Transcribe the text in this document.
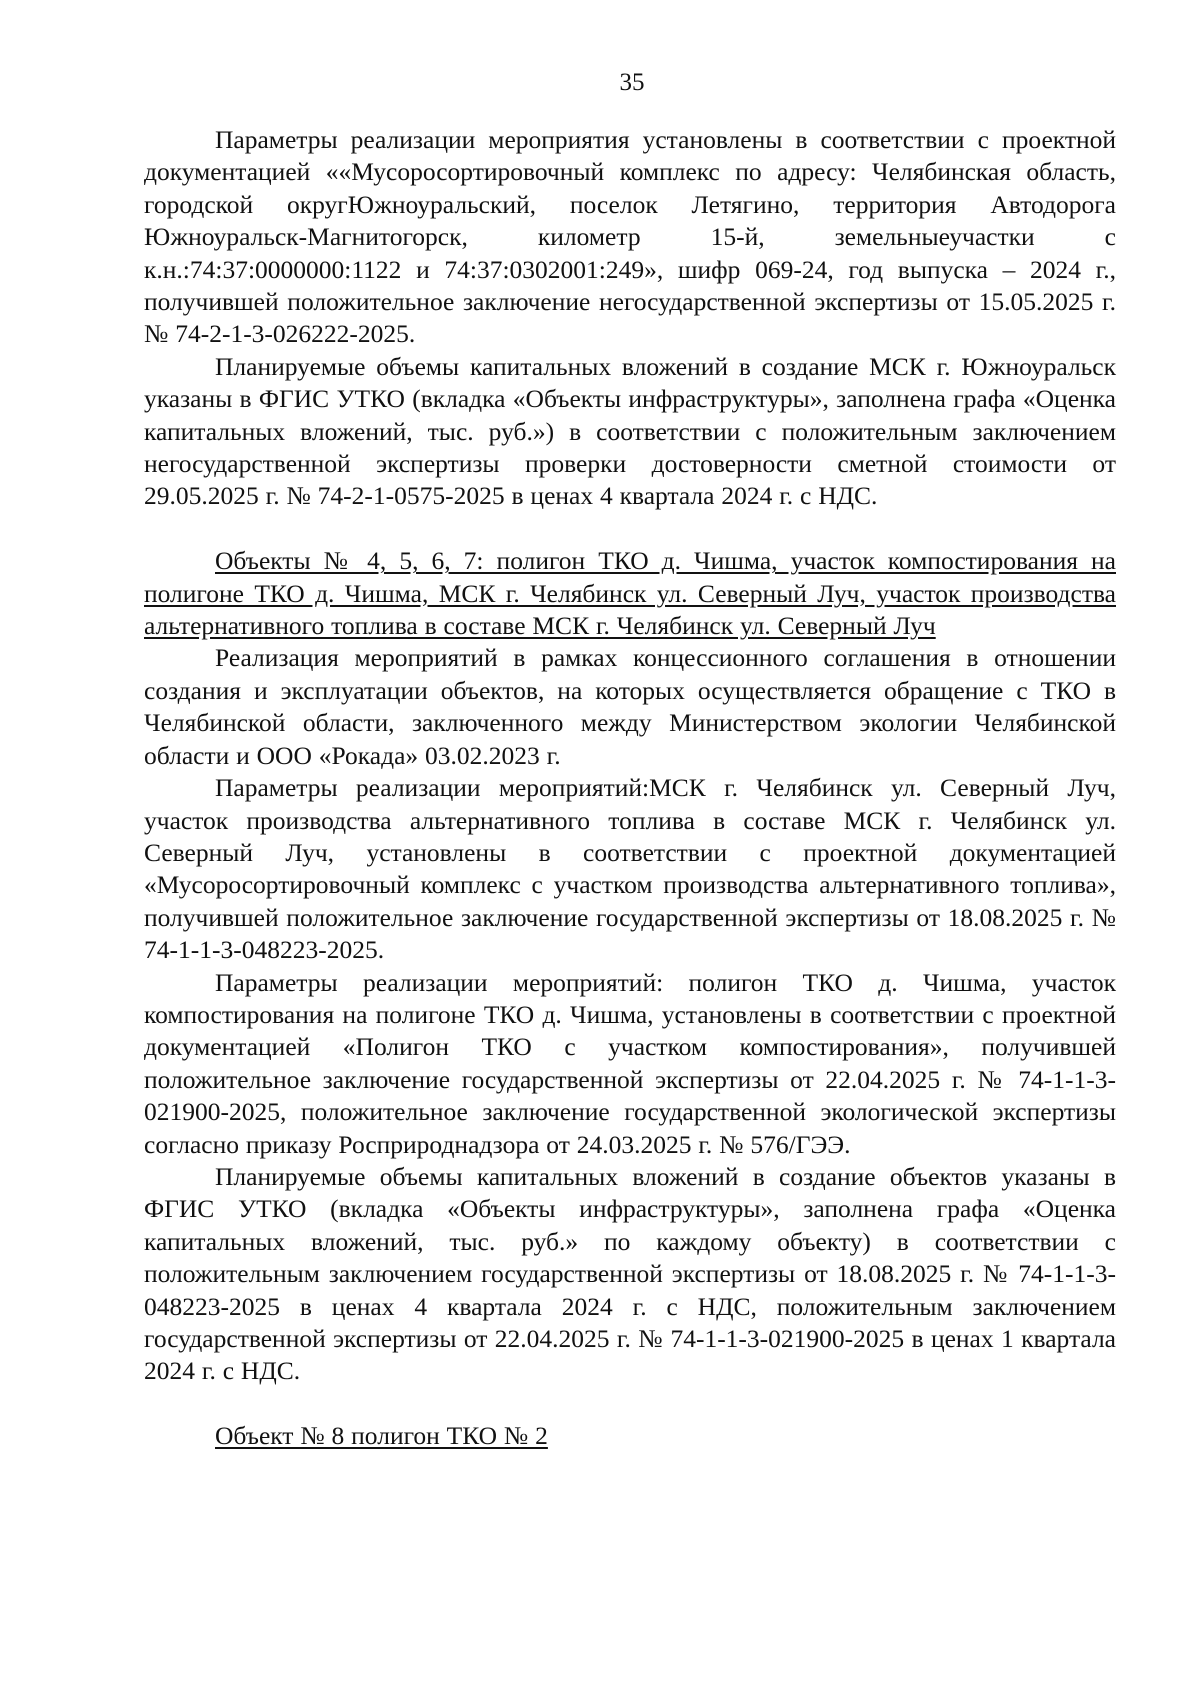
35

Параметры реализации мероприятия установлены в соответствии с проектной документацией ««Мусоросортировочный комплекс по адресу: Челябинская область, городской округЮжноуральский, поселок Летягино, территория Автодорога Южноуральск-Магнитогорск, километр 15-й, земельныеучастки с к.н.:74:37:0000000:1122 и 74:37:0302001:249», шифр 069-24, год выпуска – 2024 г., получившей положительное заключение негосударственной экспертизы от 15.05.2025 г. № 74-2-1-3-026222-2025.

Планируемые объемы капитальных вложений в создание МСК г. Южноуральск указаны в ФГИС УТКО (вкладка «Объекты инфраструктуры», заполнена графа «Оценка капитальных вложений, тыс. руб.») в соответствии с положительным заключением негосударственной экспертизы проверки достоверности сметной стоимости от 29.05.2025 г. № 74-2-1-0575-2025 в ценах 4 квартала 2024 г. с НДС.

Объекты № 4, 5, 6, 7: полигон ТКО д. Чишма, участок компостирования на полигоне ТКО д. Чишма, МСК г. Челябинск ул. Северный Луч, участок производства альтернативного топлива в составе МСК г. Челябинск ул. Северный Луч

Реализация мероприятий в рамках концессионного соглашения в отношении создания и эксплуатации объектов, на которых осуществляется обращение с ТКО в Челябинской области, заключенного между Министерством экологии Челябинской области и ООО «Рокада» 03.02.2023 г.

Параметры реализации мероприятий:МСК г. Челябинск ул. Северный Луч, участок производства альтернативного топлива в составе МСК г. Челябинск ул. Северный Луч, установлены в соответствии с проектной документацией «Мусоросортировочный комплекс с участком производства альтернативного топлива», получившей положительное заключение государственной экспертизы от 18.08.2025 г. № 74-1-1-3-048223-2025.

Параметры реализации мероприятий: полигон ТКО д. Чишма, участок компостирования на полигоне ТКО д. Чишма, установлены в соответствии с проектной документацией «Полигон ТКО с участком компостирования», получившей положительное заключение государственной экспертизы от 22.04.2025 г. № 74-1-1-3-021900-2025, положительное заключение государственной экологической экспертизы согласно приказу Росприроднадзора от 24.03.2025 г. № 576/ГЭЭ.

Планируемые объемы капитальных вложений в создание объектов указаны в ФГИС УТКО (вкладка «Объекты инфраструктуры», заполнена графа «Оценка капитальных вложений, тыс. руб.» по каждому объекту) в соответствии с положительным заключением государственной экспертизы от 18.08.2025 г. № 74-1-1-3-048223-2025 в ценах 4 квартала 2024 г. с НДС, положительным заключением государственной экспертизы от 22.04.2025 г. № 74-1-1-3-021900-2025 в ценах 1 квартала 2024 г. с НДС.

Объект № 8 полигон ТКО № 2
